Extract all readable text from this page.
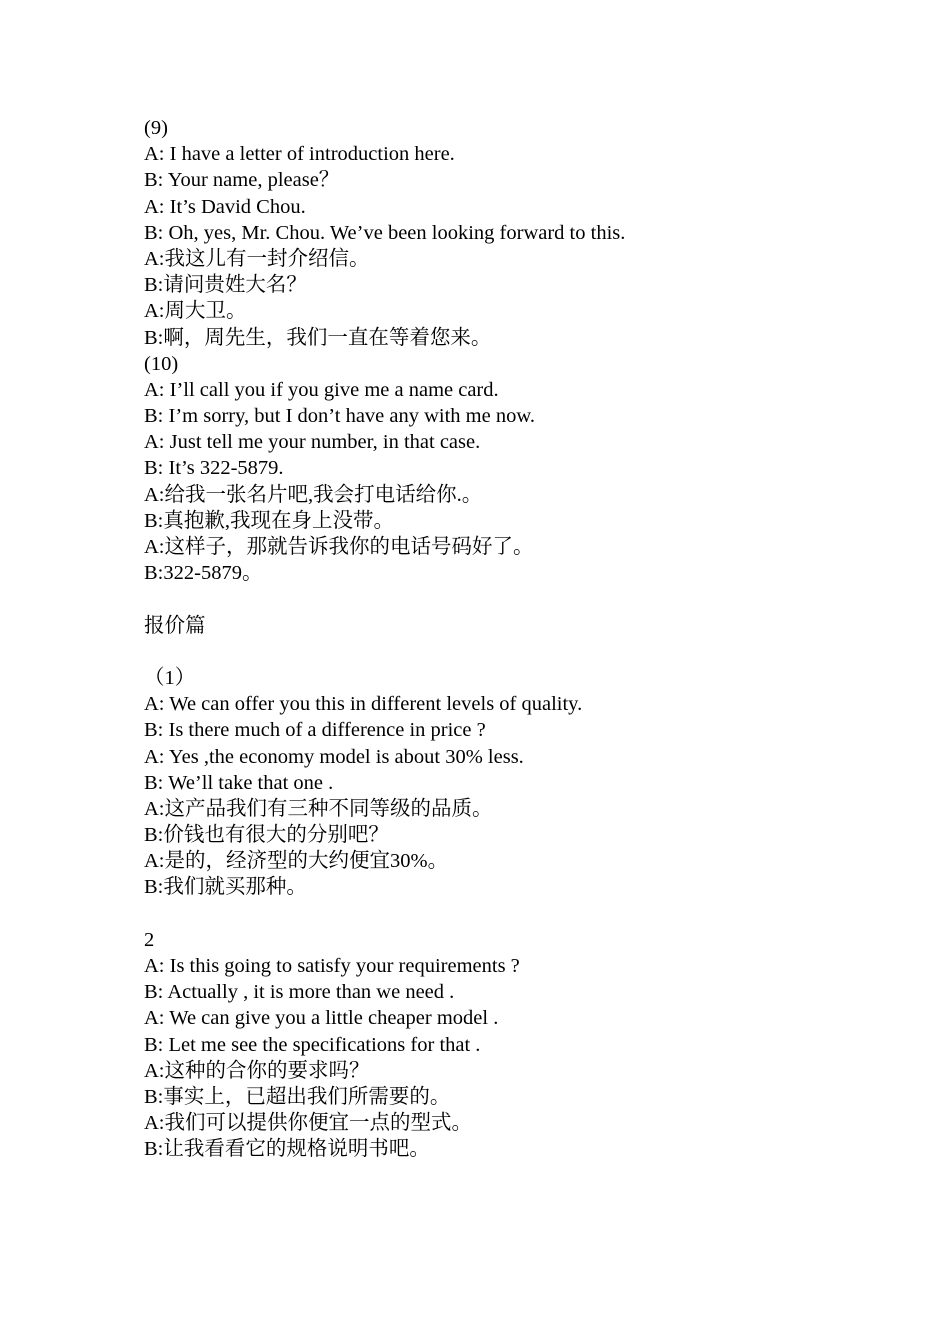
(9)
A: I have a letter of introduction here.
B: Your name, please？
A: It’s David Chou.
B: Oh, yes, Mr. Chou. We’ve been looking forward to this.
A:我这儿有一封介绍信。
B:请问贵姓大名？
A:周大卫。
B:啊，周先生，我们一直在等着您来。
(10)
A: I’ll call you if you give me a name card.
B: I’m sorry, but I don’t have any with me now.
A: Just tell me your number, in that case.
B: It’s 322-5879.
A:给我一张名片吧,我会打电话给你.。
B:真抱歉,我现在身上没带。
A:这样子，那就告诉我你的电话号码好了。
B:322-5879。
报价篇
（1）
A: We can offer you this in different levels of quality.
B: Is there much of a difference in price ?
A: Yes ,the economy model is about 30% less.
B: We’ll take that one .
A:这产品我们有三种不同等级的品质。
B:价钱也有很大的分别吧？
A:是的，经济型的大约便宜30%。
B:我们就买那种。
2
A: Is this going to satisfy your requirements ?
B: Actually , it is more than we need .
A: We can give you a little cheaper model .
B: Let me see the specifications for that .
A:这种的合你的要求吗？
B:事实上，已超出我们所需要的。
A:我们可以提供你便宜一点的型式。
B:让我看看它的规格说明书吧。
